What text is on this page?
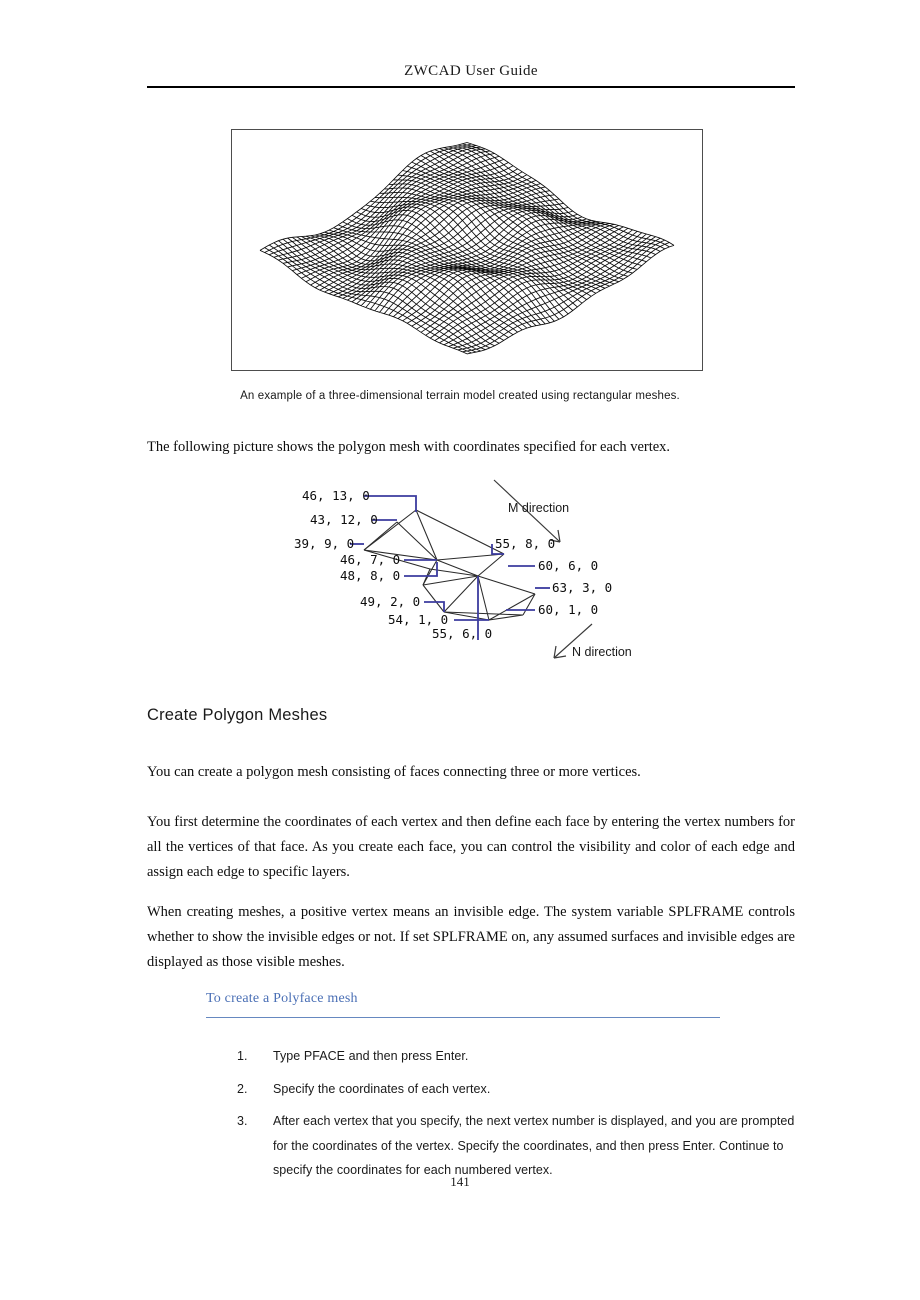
ZWCAD User Guide
An example of a three-dimensional terrain model created using rectangular meshes.
The following picture shows the polygon mesh with coordinates specified for each vertex.
46, 13, 0
43, 12, 0
39, 9, 0
46, 7, 0
48, 8, 0
49, 2, 0
54, 1, 0
55, 6, 0
55, 8, 0
60, 6, 0
63, 3, 0
60, 1, 0
M direction
N direction
Create Polygon Meshes
You can create a polygon mesh consisting of faces connecting three or more vertices.
You first determine the coordinates of each vertex and then define each face by entering the vertex numbers for all the vertices of that face. As you create each face, you can control the visibility and color of each edge and assign each edge to specific layers.
When creating meshes, a positive vertex means an invisible edge. The system variable SPLFRAME controls whether to show the invisible edges or not. If set SPLFRAME on, any assumed surfaces and invisible edges are displayed as those visible meshes.
To create a Polyface mesh
1.	Type PFACE and then press Enter.
2.	Specify the coordinates of each vertex.
3.	After each vertex that you specify, the next vertex number is displayed, and you are prompted for the coordinates of the vertex. Specify the coordinates, and then press Enter. Continue to specify the coordinates for each numbered vertex.
141
